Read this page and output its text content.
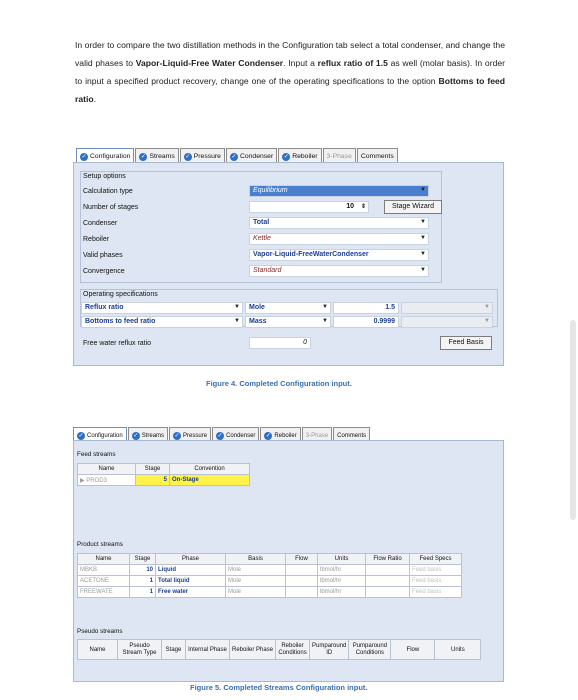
In order to compare the two distillation methods in the Configuration tab select a total condenser, and change the valid phases to Vapor-Liquid-Free Water Condenser. Input a reflux ratio of 1.5 as well (molar basis). In order to input a specified product recovery, change one of the operating specifications to the option Bottoms to feed ratio.

✓ Configuration ✓ Streams ✓ Pressure ✓ Condenser ✓ Reboiler 3-Phase Comments
Setup options
Calculation type	Equilibrium	▼
Number of stages	10 ⇕	Stage Wizard
Condenser	Total	▼
Reboiler	Kettle	▼
Valid phases	Vapor-Liquid-FreeWaterCondenser	▼
Convergence	Standard	▼
Operating specifications
Reflux ratio	▼	Mole	▼	1.5	▼
Bottoms to feed ratio	▼	Mass	▼	0.9999	▼
Free water reflux ratio	0	Feed Basis
Figure 4. Completed Configuration input.
✓ Configuration ✓ Streams ✓ Pressure ✓ Condenser ✓ Reboiler 3-Phase Comments
Feed streams
Name	Stage	Convention
▶ PROD3	5	On-Stage
Product streams
Name	Stage	Phase	Basis	Flow	Units	Flow Ratio	Feed Specs
MBKB	10	Liquid	Mole		lbmol/hr		Feed basis
ACETONE	1	Total liquid	Mole		lbmol/hr		Feed basis
FREEWATE	1	Free water	Mole		lbmol/hr		Feed basis
Pseudo streams
Name	Pseudo Stream Type	Stage	Internal Phase	Reboiler Phase	Reboiler Conditions	Pumparound ID	Pumparound Conditions	Flow	Units
Figure 5. Completed Streams Configuration input.
